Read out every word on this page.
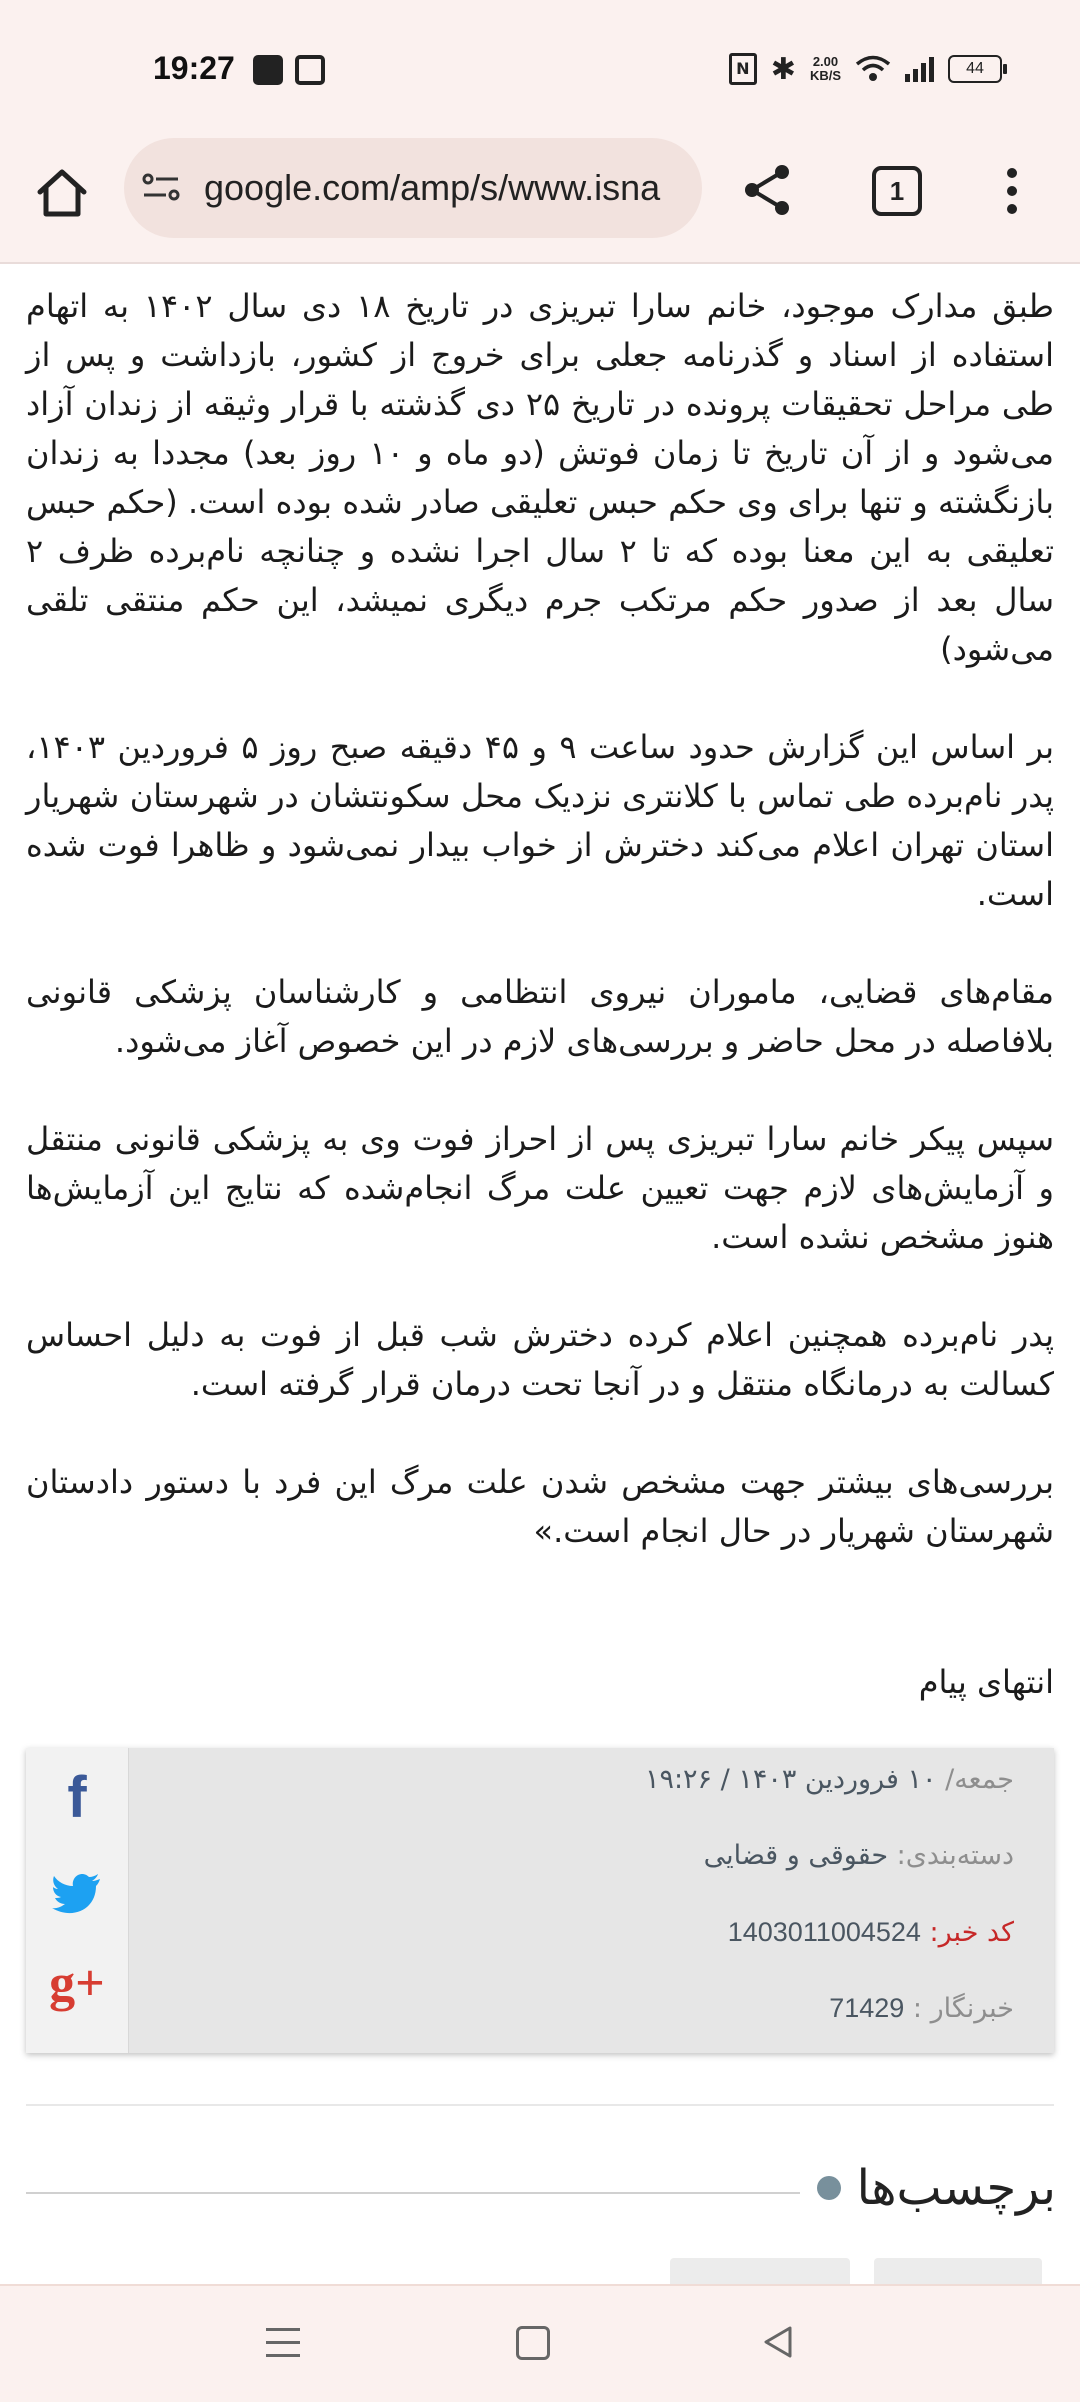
19:27	N ✱ 2.00
KB/S	44
google.com/amp/s/www.isna	1

طبق مدارک موجود، خانم سارا تبریزی در تاریخ ۱۸ دی سال ۱۴۰۲ به اتهام استفاده از اسناد و گذرنامه جعلی برای خروج از کشور، بازداشت و پس از طی مراحل تحقیقات پرونده در تاریخ ۲۵ دی گذشته با قرار وثیقه از زندان آزاد می‌شود و از آن تاریخ تا زمان فوتش (دو ماه و ۱۰ روز بعد) مجددا به زندان بازنگشته و تنها برای وی حکم حبس تعلیقی صادر شده بوده است. (حکم حبس تعلیقی به این معنا بوده که تا ۲ سال اجرا نشده و چنانچه نام‌برده ظرف ۲ سال بعد از صدور حکم مرتکب جرم دیگری نمیشد، این حکم منتقی تلقی می‌شود)

بر اساس این گزارش حدود ساعت ۹ و ۴۵ دقیقه صبح روز ۵ فروردین ۱۴۰۳، پدر نام‌برده طی تماس با کلانتری نزدیک محل سکونتشان در شهرستان شهریار استان تهران اعلام می‌کند دخترش از خواب بیدار نمی‌شود و ظاهرا فوت شده است.

مقام‌های قضایی، ماموران نیروی انتظامی و کارشناسان پزشکی قانونی بلافاصله در محل حاضر و بررسی‌های لازم در این خصوص آغاز می‌شود.

سپس پیکر خانم سارا تبریزی پس از احراز فوت وی به پزشکی قانونی منتقل و آزمایش‌های لازم جهت تعیین علت مرگ انجام‌شده که نتایج این آزمایش‌ها هنوز مشخص نشده است.

پدر نام‌برده همچنین اعلام کرده دخترش شب قبل از فوت به دلیل احساس کسالت به درمانگاه منتقل و در آنجا تحت درمان قرار گرفته است.

بررسی‌های بیشتر جهت مشخص شدن علت مرگ این فرد با دستور دادستان شهرستان شهریار در حال انجام است.»

انتهای پیام
f
g+
جمعه/ ۱۰ فروردین ۱۴۰۳ / ۱۹:۲۶
دسته‌بندی: حقوقی و قضایی
کد خبر: 1403011004524
خبرنگار : 71429
برچسب‌ها
